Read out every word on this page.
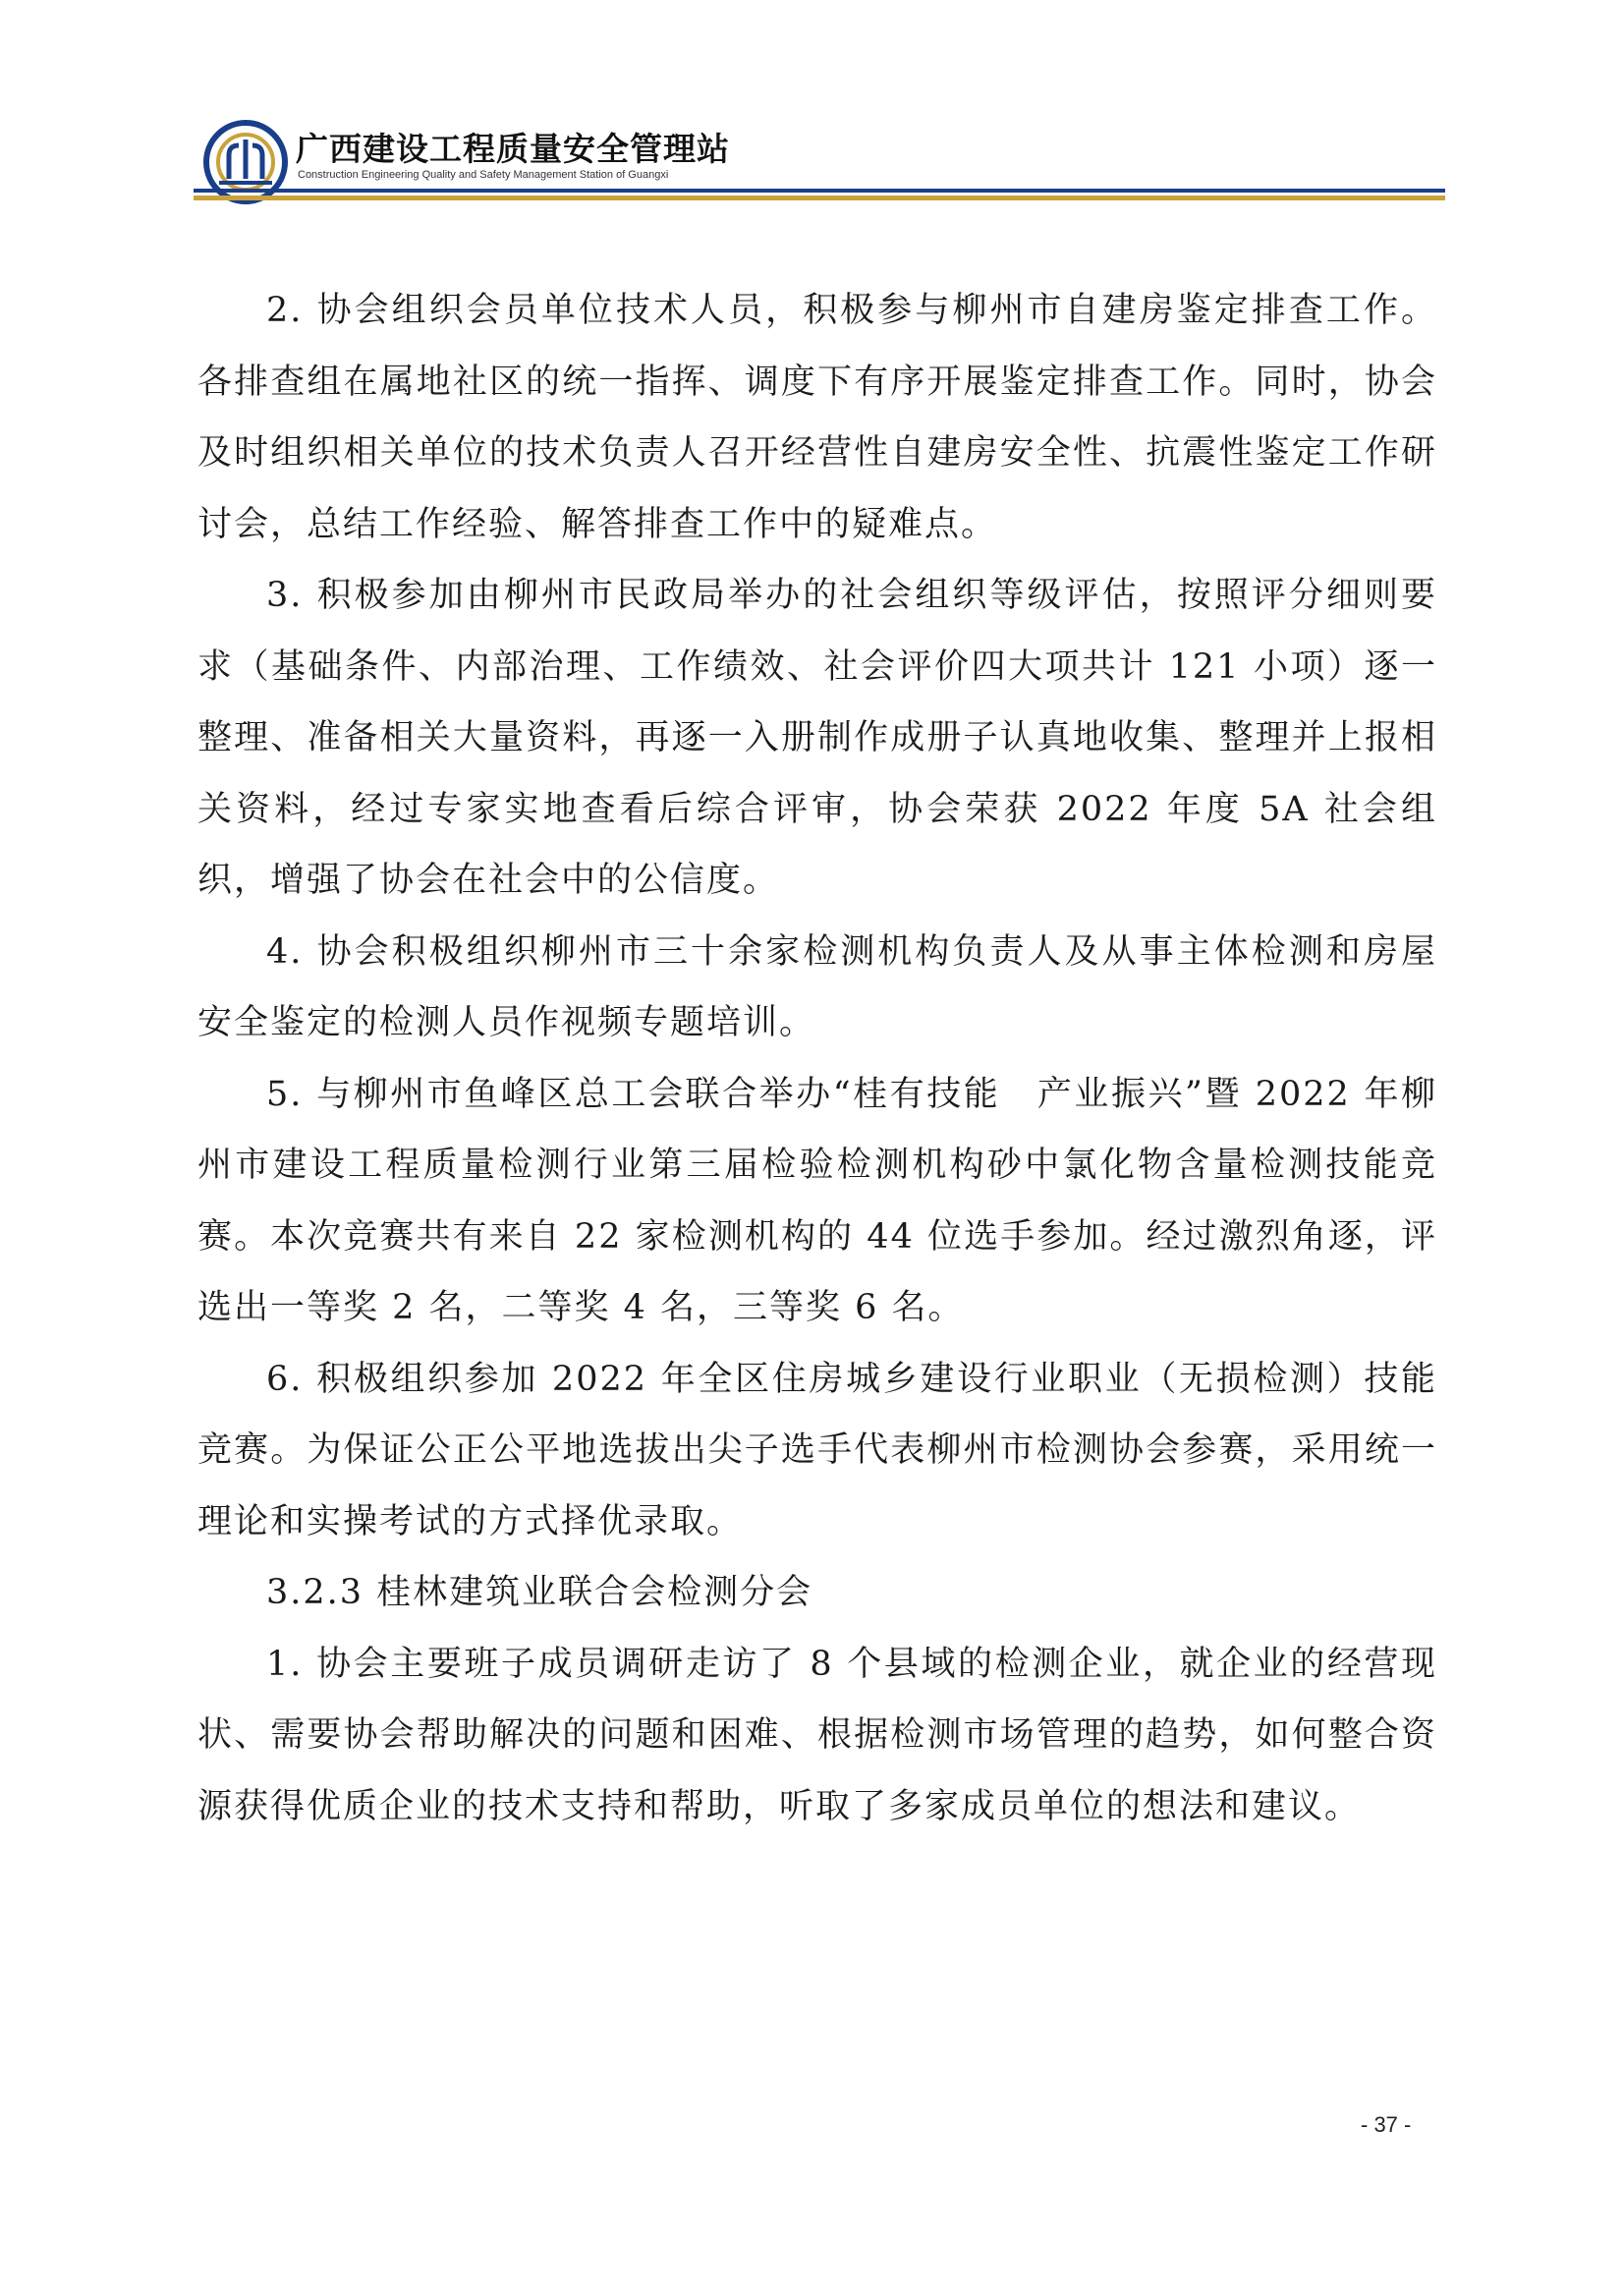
广西建设工程质量安全管理站
Construction Engineering Quality and Safety Management Station of Guangxi

2. 协会组织会员单位技术人员，积极参与柳州市自建房鉴定排查工作。各排查组在属地社区的统一指挥、调度下有序开展鉴定排查工作。同时，协会及时组织相关单位的技术负责人召开经营性自建房安全性、抗震性鉴定工作研讨会，总结工作经验、解答排查工作中的疑难点。

3. 积极参加由柳州市民政局举办的社会组织等级评估，按照评分细则要求（基础条件、内部治理、工作绩效、社会评价四大项共计 121 小项）逐一整理、准备相关大量资料，再逐一入册制作成册子认真地收集、整理并上报相关资料，经过专家实地查看后综合评审，协会荣获 2022 年度 5A 社会组织，增强了协会在社会中的公信度。

4. 协会积极组织柳州市三十余家检测机构负责人及从事主体检测和房屋安全鉴定的检测人员作视频专题培训。

5. 与柳州市鱼峰区总工会联合举办“桂有技能　产业振兴”暨 2022 年柳州市建设工程质量检测行业第三届检验检测机构砂中氯化物含量检测技能竞赛。本次竞赛共有来自 22 家检测机构的 44 位选手参加。经过激烈角逐，评选出一等奖 2 名，二等奖 4 名，三等奖 6 名。

6. 积极组织参加 2022 年全区住房城乡建设行业职业（无损检测）技能竞赛。为保证公正公平地选拔出尖子选手代表柳州市检测协会参赛，采用统一理论和实操考试的方式择优录取。

3.2.3 桂林建筑业联合会检测分会

1. 协会主要班子成员调研走访了 8 个县域的检测企业，就企业的经营现状、需要协会帮助解决的问题和困难、根据检测市场管理的趋势，如何整合资源获得优质企业的技术支持和帮助，听取了多家成员单位的想法和建议。

- 37 -
